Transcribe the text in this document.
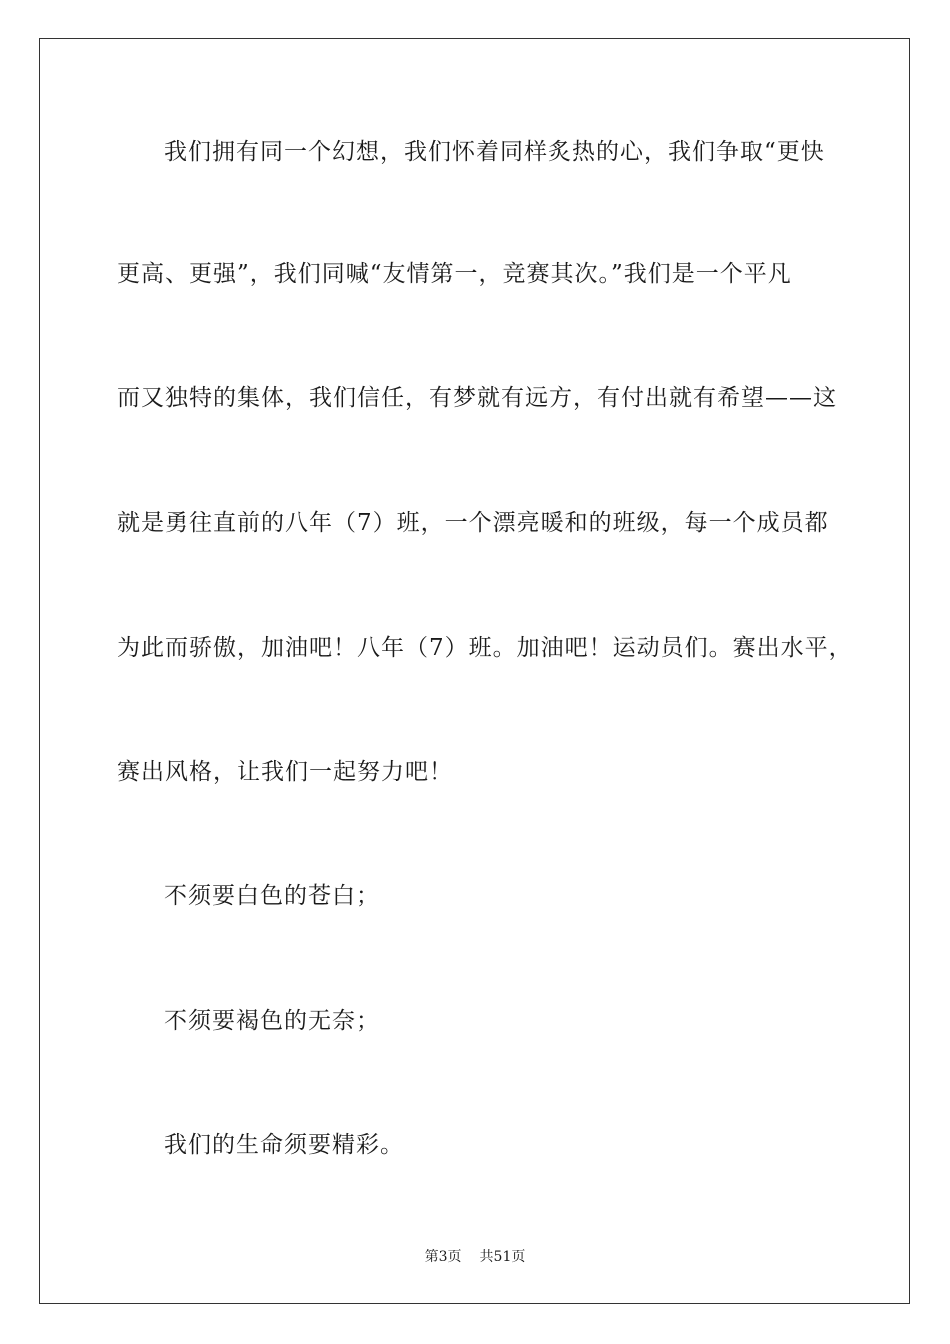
我们拥有同一个幻想，我们怀着同样炙热的心，我们争取“更快
更高、更强”，我们同喊“友情第一，竞赛其次。”我们是一个平凡
而又独特的集体，我们信任，有梦就有远方，有付出就有希望——这
就是勇往直前的八年（7）班，一个漂亮暖和的班级，每一个成员都
为此而骄傲，加油吧！八年（7）班。加油吧！运动员们。赛出水平，
赛出风格，让我们一起努力吧！
不须要白色的苍白；
不须要褐色的无奈；
我们的生命须要精彩。
第3页 共51页
